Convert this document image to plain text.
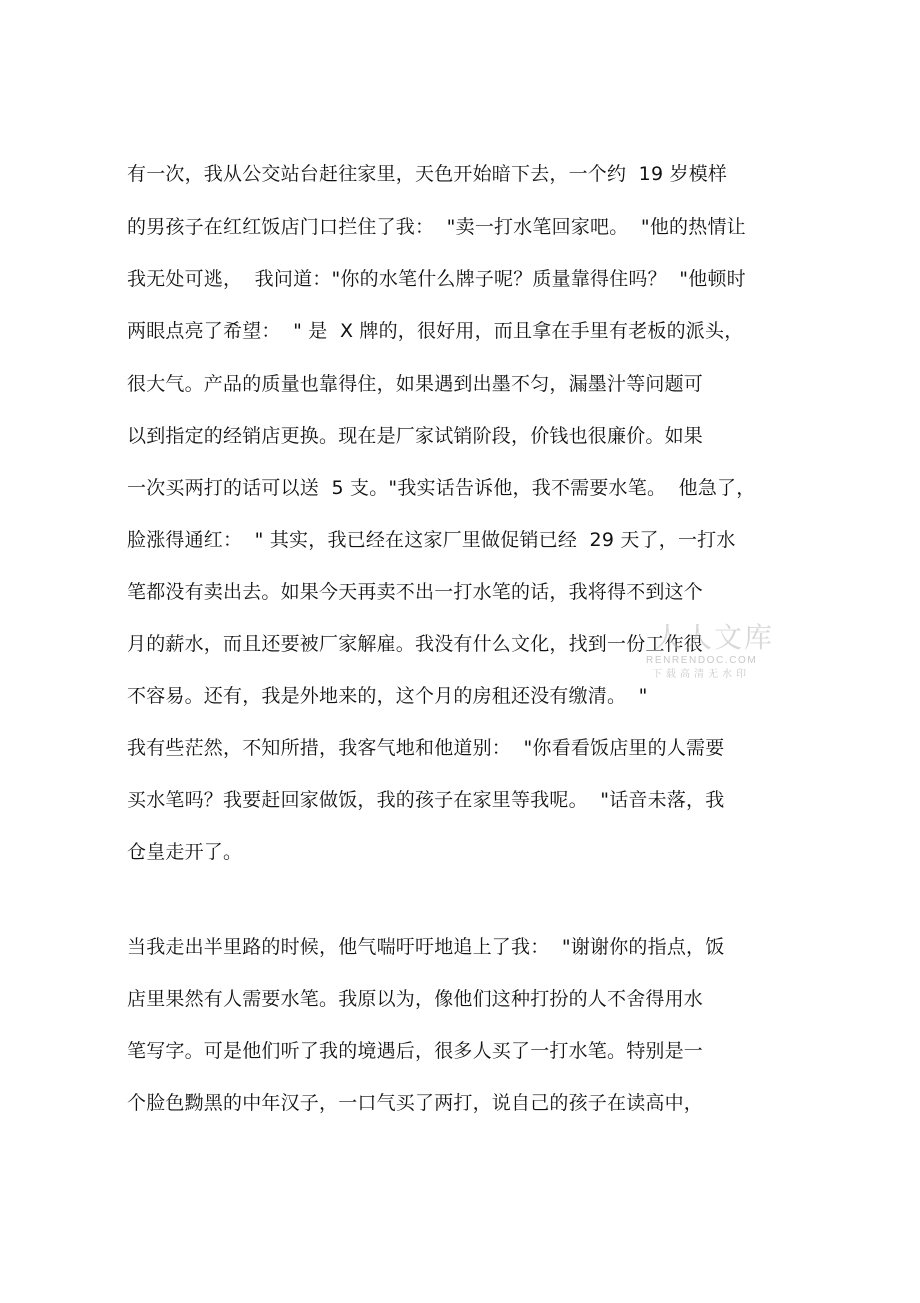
有一次，我从公交站台赶往家里，天色开始暗下去，一个约  19 岁模样
的男孩子在红红饭店门口拦住了我：  "卖一打水笔回家吧。  "他的热情让
我无处可逃，  我问道："你的水笔什么牌子呢？质量靠得住吗？  "他顿时
两眼点亮了希望：  " 是  X 牌的，很好用，而且拿在手里有老板的派头，
很大气。产品的质量也靠得住，如果遇到出墨不匀，漏墨汁等问题可
以到指定的经销店更换。现在是厂家试销阶段，价钱也很廉价。如果
一次买两打的话可以送  5 支。"我实话告诉他，我不需要水笔。  他急了，
脸涨得通红：  " 其实，我已经在这家厂里做促销已经  29 天了，一打水
笔都没有卖出去。如果今天再卖不出一打水笔的话，我将得不到这个
月的薪水，而且还要被厂家解雇。我没有什么文化，找到一份工作很
不容易。还有，我是外地来的，这个月的房租还没有缴清。  "
我有些茫然，不知所措，我客气地和他道别：  "你看看饭店里的人需要
买水笔吗？我要赶回家做饭，我的孩子在家里等我呢。  "话音未落，我
仓皇走开了。
当我走出半里路的时候，他气喘吁吁地追上了我：  "谢谢你的指点，饭
店里果然有人需要水笔。我原以为，像他们这种打扮的人不舍得用水
笔写字。可是他们听了我的境遇后，很多人买了一打水笔。特别是一
个脸色黝黑的中年汉子，一口气买了两打，说自己的孩子在读高中，
人人文库
RENRENDOC.COM
下载高清无水印
